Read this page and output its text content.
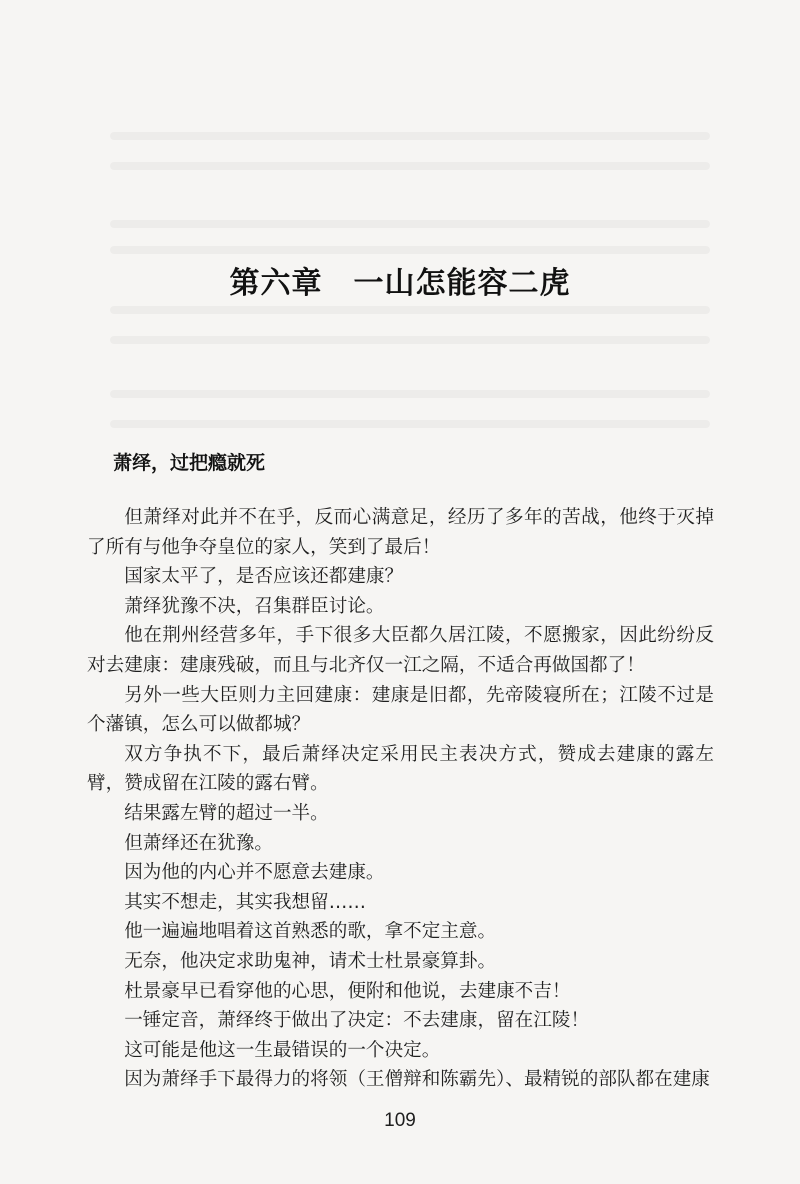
第六章　一山怎能容二虎
萧绎，过把瘾就死

但萧绎对此并不在乎，反而心满意足，经历了多年的苦战，他终于灭掉了所有与他争夺皇位的家人，笑到了最后！

国家太平了，是否应该还都建康？

萧绎犹豫不决，召集群臣讨论。

他在荆州经营多年，手下很多大臣都久居江陵，不愿搬家，因此纷纷反对去建康：建康残破，而且与北齐仅一江之隔，不适合再做国都了！

另外一些大臣则力主回建康：建康是旧都，先帝陵寝所在；江陵不过是个藩镇，怎么可以做都城？

双方争执不下，最后萧绎决定采用民主表决方式，赞成去建康的露左臂，赞成留在江陵的露右臂。

结果露左臂的超过一半。

但萧绎还在犹豫。

因为他的内心并不愿意去建康。

其实不想走，其实我想留……

他一遍遍地唱着这首熟悉的歌，拿不定主意。

无奈，他决定求助鬼神，请术士杜景豪算卦。

杜景豪早已看穿他的心思，便附和他说，去建康不吉！

一锤定音，萧绎终于做出了决定：不去建康，留在江陵！

这可能是他这一生最错误的一个决定。

因为萧绎手下最得力的将领（王僧辩和陈霸先）、最精锐的部队都在建康

109
